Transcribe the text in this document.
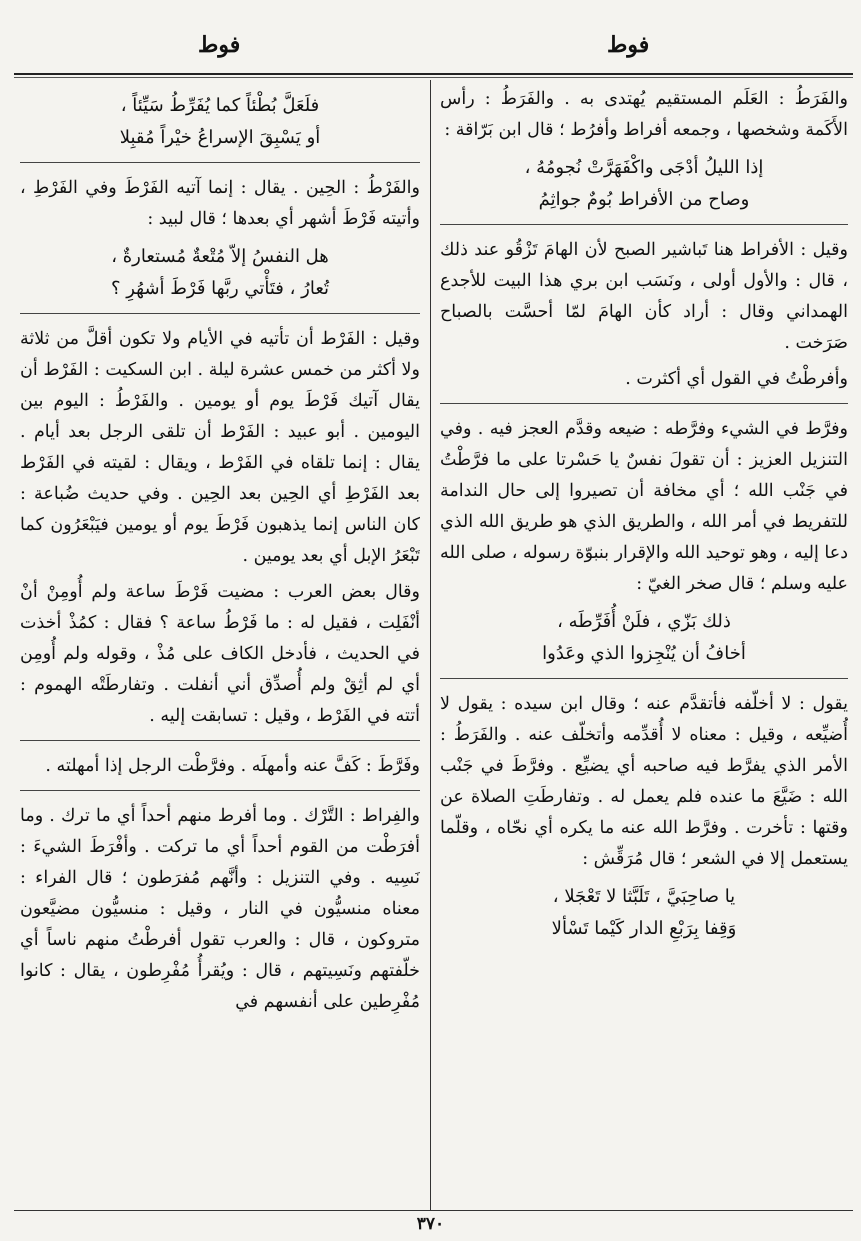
فوط
فوط

والفَرَطُ : العَلَم المستقيم يُهتدى به . والفَرَطُ : رأس الأَكَمة وشخصها ، وجمعه أفراط وأفرُط ؛ قال ابن بَرّاقة :

إذا الليلُ أدْجَى واكْفَهَرَّتْ نُجومُهُ ،
وصاح من الأفراط بُومٌ جواثِمُ

وقيل : الأفراط هنا تَباشير الصبح لأن الهامَ تَزْقُو عند ذلك ، قال : والأول أولى ، ونَسَب ابن بري هذا البيت للأجدع الهمداني وقال : أراد كأن الهامَ لمّا أحسَّت بالصباح صَرَخت .

وأفرطْتُ في القول أي أكثرت .

وفرَّط في الشيء وفرَّطه : ضيعه وقدَّم العجز فيه . وفي التنزيل العزيز : أن تقولَ نفسٌ يا حَسْرتا على ما فرَّطْتُ في جَنْب الله ؛ أي مخافة أن تصيروا إلى حال الندامة للتفريط في أمر الله ، والطريق الذي هو طريق الله الذي دعا إليه ، وهو توحيد الله والإقرار بنبوّة رسوله ، صلى الله عليه وسلم ؛ قال صخر الغيّ :

ذلك بَزّي ، فلَنْ أُفَرِّطَه ،
أخافُ أن يُنْجِزوا الذي وعَدُوا

يقول : لا أخلّفه فأتقدَّم عنه ؛ وقال ابن سيده : يقول لا أُضيِّعه ، وقيل : معناه لا أُقدِّمه وأتخلّف عنه . والفَرَطُ : الأمر الذي يفرَّط فيه صاحبه أي يضيِّع . وفرَّطَ في جَنْب الله : ضَيَّعَ ما عنده فلم يعمل له . وتفارطَتِ الصلاة عن وقتها : تأخرت . وفرَّط الله عنه ما يكره أي نحّاه ، وقلّما يستعمل إلا في الشعر ؛ قال مُرَقِّش :

يا صاحِبَيَّ ، تَلَبَّثا لا تَعْجَلا ،
وَقِفا بِرَبْعِ الدار كَيْما تَسْألا
فلَعَلَّ بُطْئاً كما يُفَرِّطُ سَيِّئاً ،
أو يَسْبِقَ الإسراعُ خيْراً مُقبِلا

والفَرْطُ : الحِين . يقال : إنما آتيه الفَرْطَ وفي الفَرْطِ ، وأتيته فَرْطَ أشهر أي بعدها ؛ قال لبيد :

هل النفسُ إلاّ مُتْعةٌ مُستعارةٌ ،
تُعارُ ، فتَأْتي ربَّها فَرْطَ أشهُرِ ؟

وقيل : الفَرْط أن تأتيه في الأيام ولا تكون أقلَّ من ثلاثة ولا أكثر من خمس عشرة ليلة . ابن السكيت : الفَرْط أن يقال آتيك فَرْطَ يوم أو يومين . والفَرْطُ : اليوم بين اليومين . أبو عبيد : الفَرْط أن تلقى الرجل بعد أيام . يقال : إنما تلقاه في الفَرْط ، ويقال : لقيته في الفَرْط بعد الفَرْطِ أي الحِين بعد الحِين . وفي حديث ضُباعة : كان الناس إنما يذهبون فَرْطَ يوم أو يومين فيَبْعَرُون كما تَبْعَرُ الإبل أي بعد يومين .

وقال بعض العرب : مضيت فَرْطَ ساعة ولم أُومِنْ أنْ أنْفَلِت ، فقيل له : ما فَرْطُ ساعة ؟ فقال : كمُذْ أخذت في الحديث ، فأدخل الكاف على مُذْ ، وقوله ولم أُومِن أي لم أثِقْ ولم أُصدِّق أني أنفلت . وتفارطَتْه الهموم : أتته في الفَرْط ، وقيل : تسابقت إليه .

وفَرَّطَ : كَفَّ عنه وأمهلَه . وفرَّطْت الرجل إذا أمهلته .

والفِراط : التَّرْك . وما أفرط منهم أحداً أي ما ترك . وما أفرَطْت من القوم أحداً أي ما تركت . وأفْرَطَ الشيءَ : نَسِيه . وفي التنزيل : وأنَّهم مُفرَطون ؛ قال الفراء : معناه منسيُّون في النار ، وقيل : منسيُّون مضيَّعون متروكون ، قال : والعرب تقول أفرطْتُ منهم ناساً أي خلّفتهم ونَسِيتهم ، قال : ويُقرأُ مُفْرِطون ، يقال : كانوا مُفْرِطين على أنفسهم في

٣٧٠
